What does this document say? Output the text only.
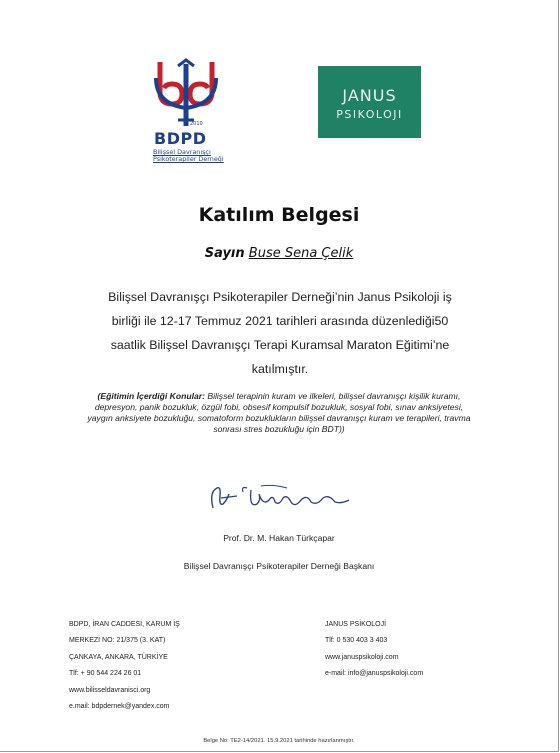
2010
BDPD
Bilişsel Davranışçı
Psikoterapiler Derneği
JANUS
PSIKOLOJI
Katılım Belgesi
Sayın Buse Sena Çelik
Bilişsel Davranışçı Psikoterapiler Derneği’nin Janus Psikoloji iş birliği ile 12-17 Temmuz 2021 tarihleri arasında düzenlediği50 saatlik Bilişsel Davranışçı Terapi Kuramsal Maraton Eğitimi’ne katılmıştır.
(Eğitimin İçerdiği Konular: Bilişsel terapinin kuram ve ilkeleri, bilişsel davranışçı kişilik kuramı, depresyon, panik bozukluk, özgül fobi, obsesif kompulsif bozukluk, sosyal fobi, sınav anksiyetesi, yaygın anksiyete bozukluğu, somatoform bozuklukların bilişsel davranışçı kuram ve terapileri, travma sonrası stres bozukluğu için BDT))
Prof. Dr. M. Hakan Türkçapar
Bilişsel Davranışçı Psikoterapiler Derneği Başkanı
BDPD, İRAN CADDESİ, KARUM İŞ
MERKEZİ NO: 21/375 (3. KAT)
ÇANKAYA, ANKARA, TÜRKİYE
Tlf: + 90 544 224 26 01
www.bilisseldavranisci.org
e.mail: bdpdernek@yandex.com
JANUS PSİKOLOJİ
Tlf: 0 530 403 3 403
www.januspsikoloji.com
e-mail: info@januspsikoloji.com
Belge No: TE2-14/2021. 15.9.2021 tarihinde hazırlanmıştır.
